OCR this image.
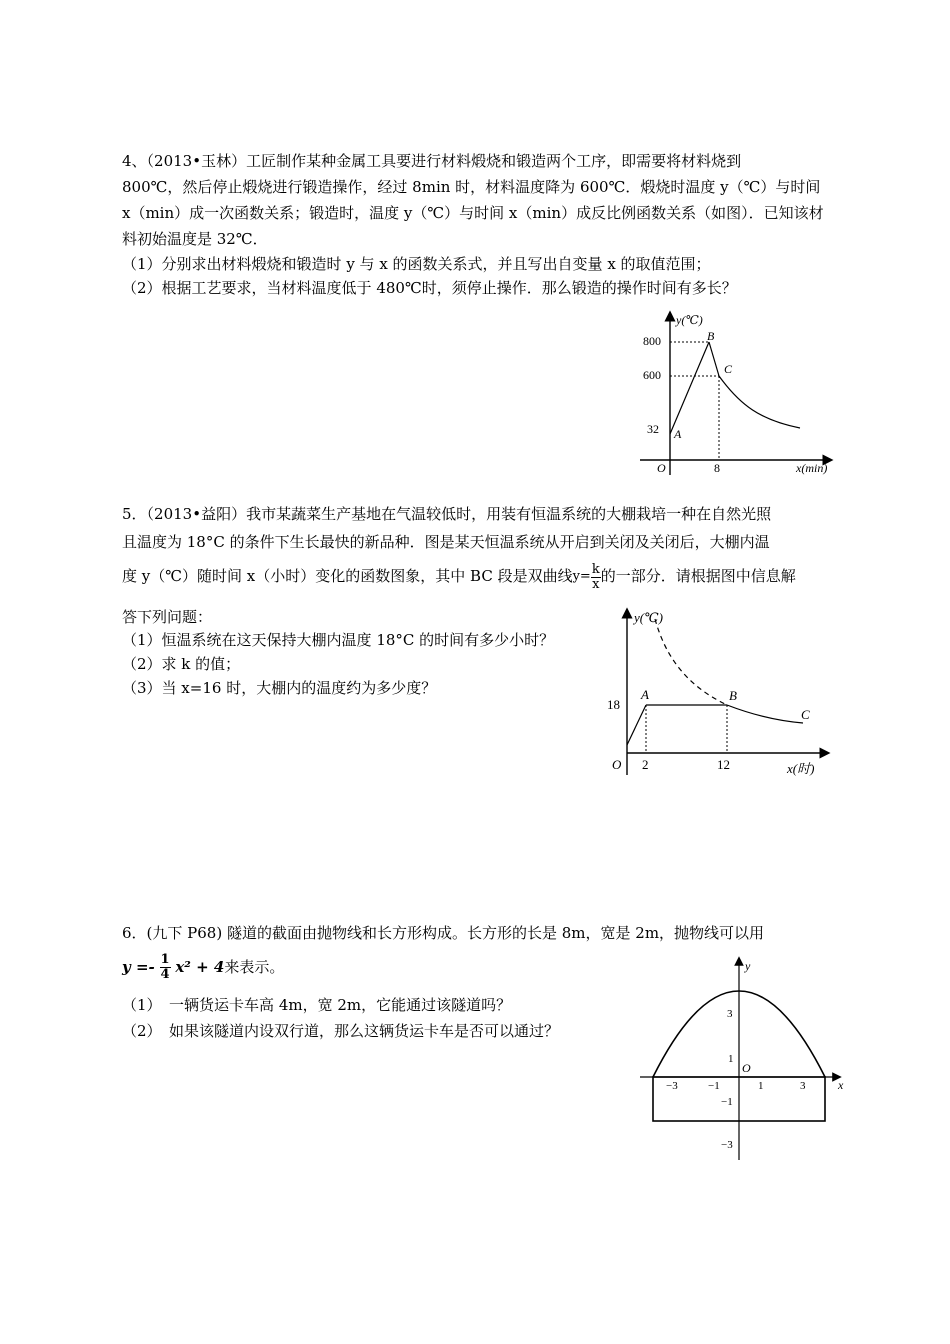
4、（2013•玉林）工匠制作某种金属工具要进行材料煅烧和锻造两个工序，即需要将材料烧到
800℃，然后停止煅烧进行锻造操作，经过 8min 时，材料温度降为 600℃．煅烧时温度 y（℃）与时间
x（min）成一次函数关系；锻造时，温度 y（℃）与时间 x（min）成反比例函数关系（如图）．已知该材
料初始温度是 32℃．
（1）分别求出材料煅烧和锻造时 y 与 x 的函数关系式，并且写出自变量 x 的取值范围；
（2）根据工艺要求，当材料温度低于 480℃时，须停止操作．那么锻造的操作时间有多长？
y(℃)
x(min)
O
800
600
32
8
A
B
C
5．（2013•益阳）我市某蔬菜生产基地在气温较低时，用装有恒温系统的大棚栽培一种在自然光照
且温度为 18°C 的条件下生长最快的新品种．图是某天恒温系统从开启到关闭及关闭后，大棚内温
度 y（℃）随时间 x（小时）变化的函数图象，其中 BC 段是双曲线$y= \frac{k}{x}$ 的一部分．请根据图中信息解
答下列问题：
（1）恒温系统在这天保持大棚内温度 18°C 的时间有多少小时？
（2）求 k 的值；
（3）当 x=16 时，大棚内的温度约为多少度？
y(℃)
x(时)
O
18
2	12
A	B
C
6．(九下 P68) 隧道的截面由抛物线和长方形构成。长方形的长是 8m，宽是 2m，抛物线可以用
$y =- \frac{1}{4} x^2 + 4$来表示。
（1）　一辆货运卡车高 4m，宽 2m，它能通过该隧道吗？
（2）　如果该隧道内设双行道，那么这辆货运卡车是否可以通过？
y
x
O
−3	−1	1	3
3
1
−1
−3
